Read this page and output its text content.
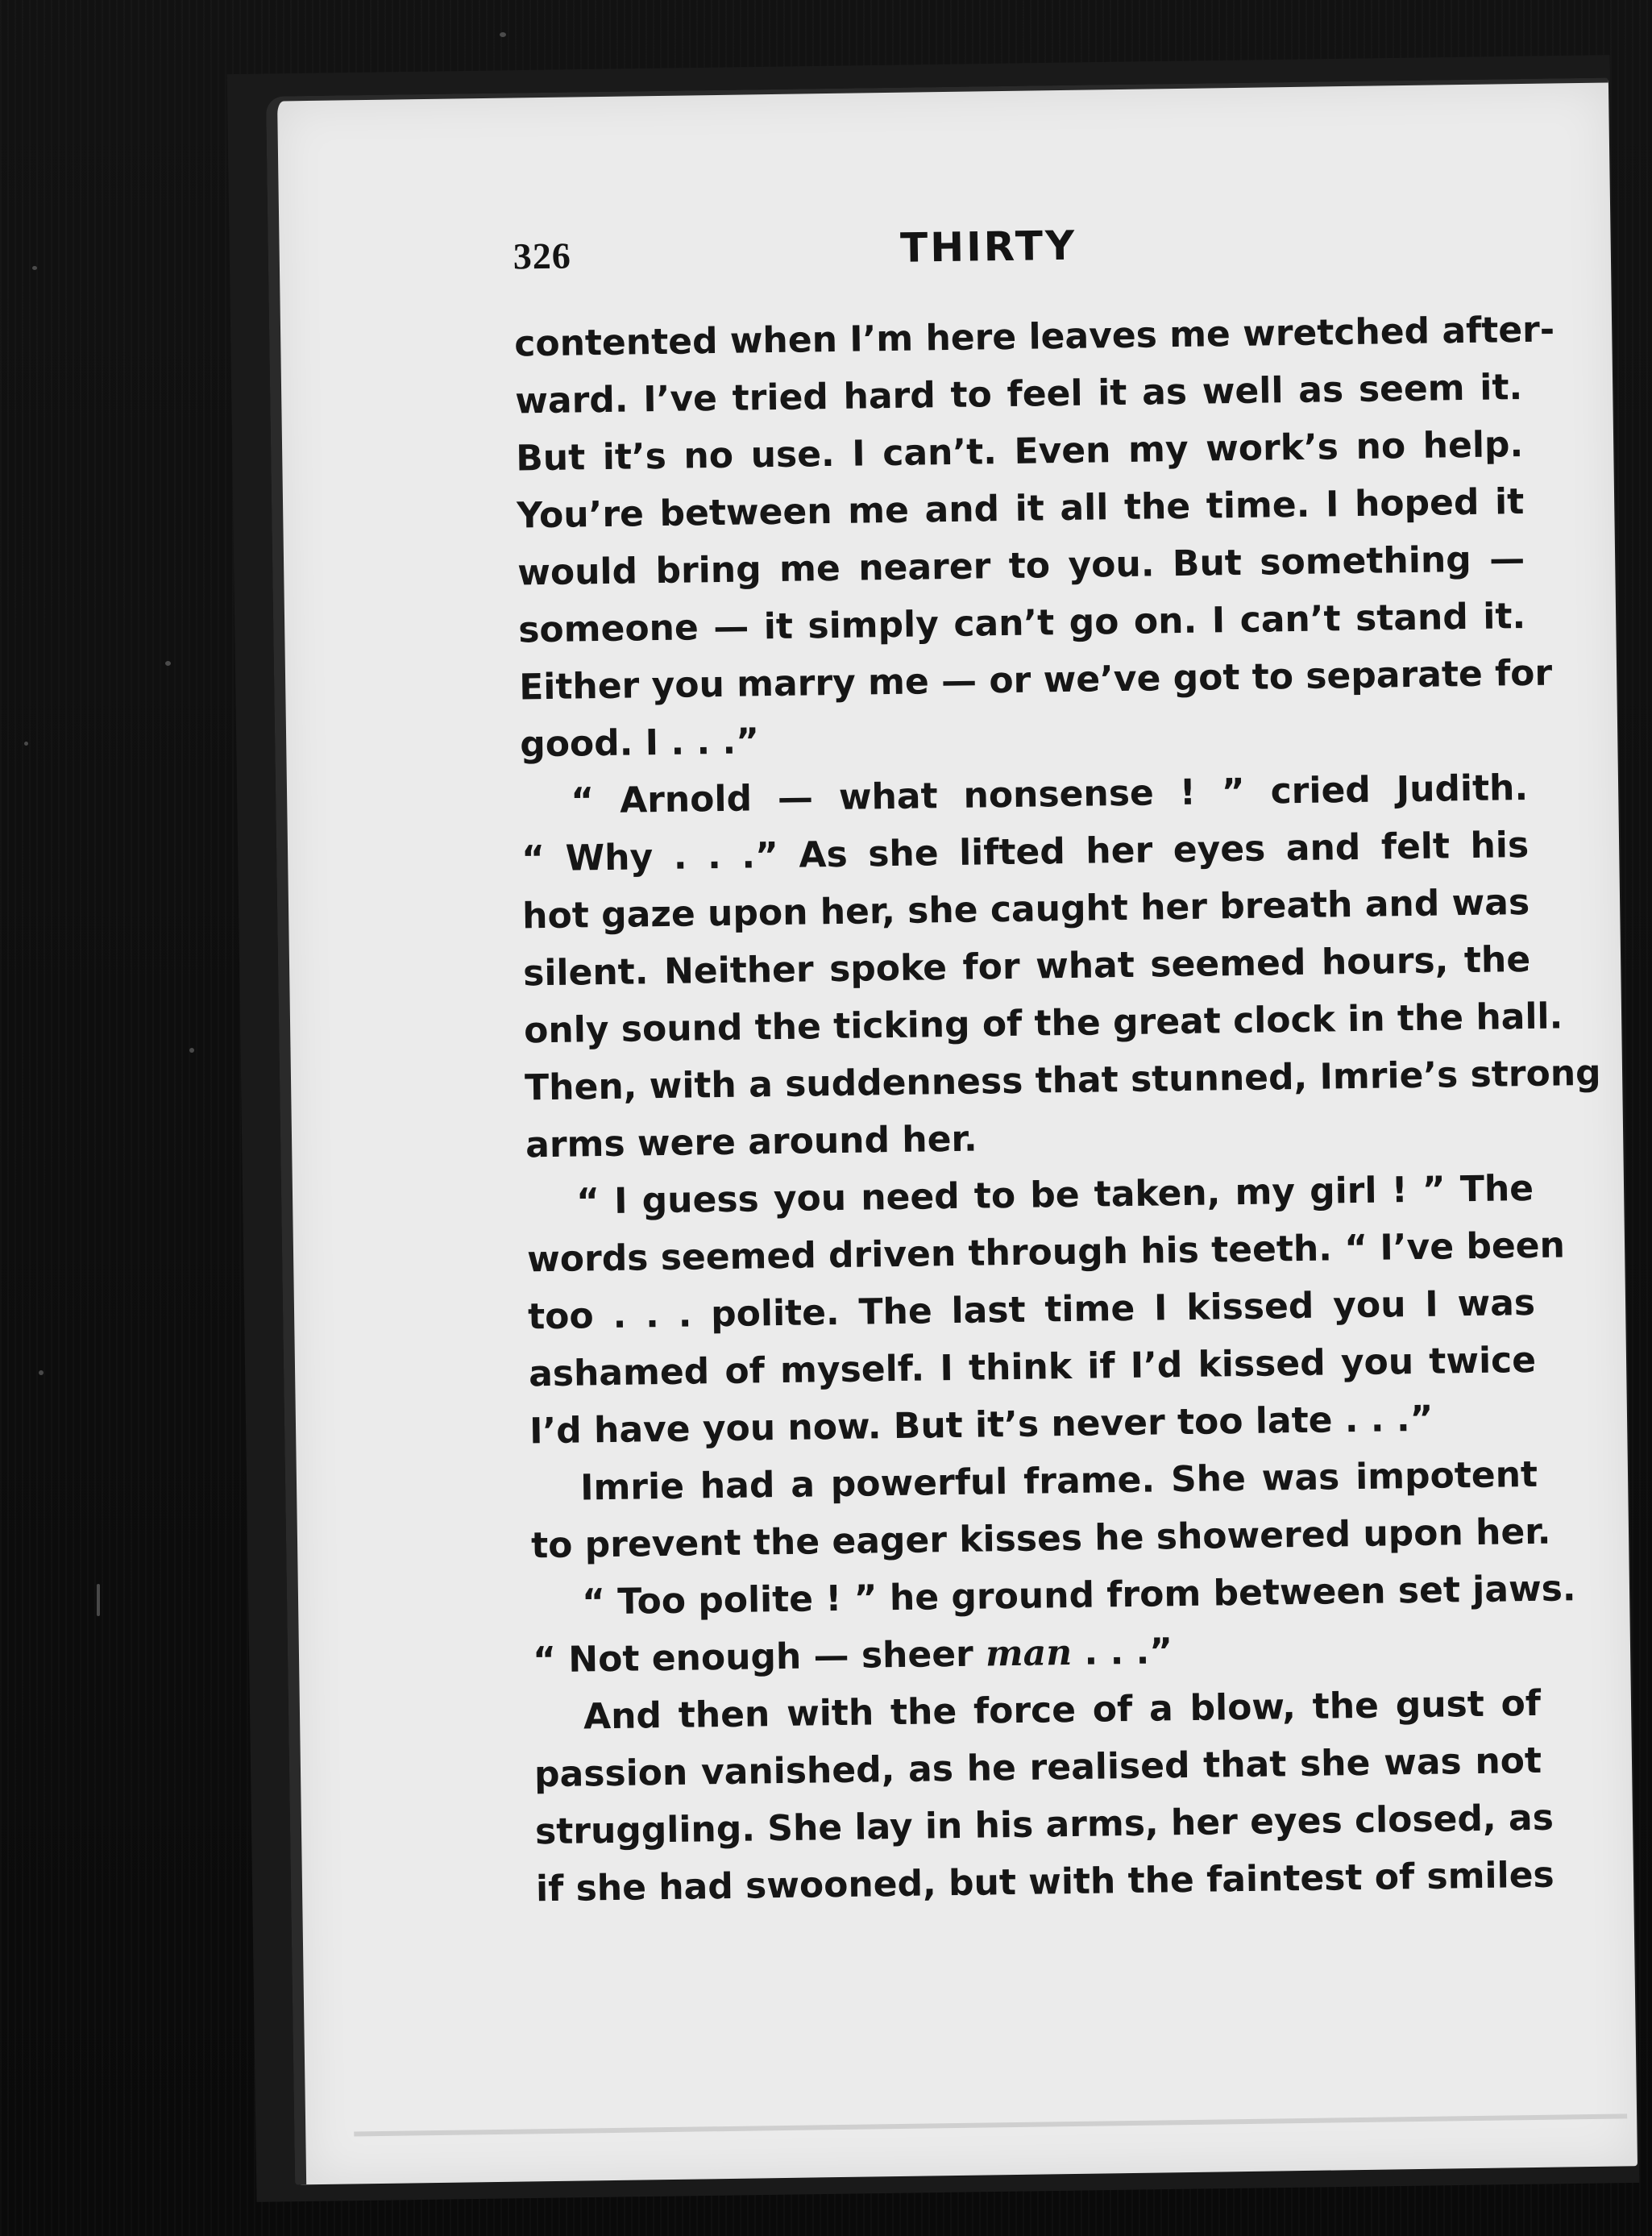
326	THIRTY
contented when I’m here leaves me wretched after-
ward. I’ve tried hard to feel it as well as seem it.
But it’s no use. I can’t. Even my work’s no help.
You’re between me and it all the time. I hoped it
would bring me nearer to you. But something —
someone — it simply can’t go on. I can’t stand it.
Either you marry me — or we’ve got to separate for
good. I . . .”
“ Arnold — what nonsense ! ” cried Judith.
“ Why . . .” As she lifted her eyes and felt his
hot gaze upon her, she caught her breath and was
silent. Neither spoke for what seemed hours, the
only sound the ticking of the great clock in the hall.
Then, with a suddenness that stunned, Imrie’s strong
arms were around her.
“ I guess you need to be taken, my girl ! ” The
words seemed driven through his teeth. “ I’ve been
too . . . polite. The last time I kissed you I was
ashamed of myself. I think if I’d kissed you twice
I’d have you now. But it’s never too late . . .”
Imrie had a powerful frame. She was impotent
to prevent the eager kisses he showered upon her.
“ Too polite ! ” he ground from between set jaws.
“ Not enough — sheer man . . .”
And then with the force of a blow, the gust of
passion vanished, as he realised that she was not
struggling. She lay in his arms, her eyes closed, as
if she had swooned, but with the faintest of smiles
